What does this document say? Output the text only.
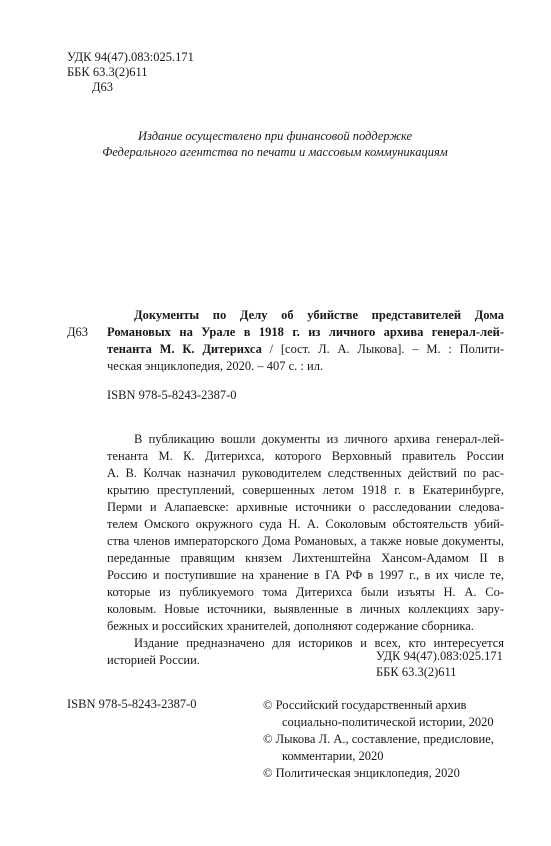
УДК 94(47).083:025.171
ББК 63.3(2)611
Д63
Издание осуществлено при финансовой поддержке
Федерального агентства по печати и массовым коммуникациям
Д63
Документы по Делу об убийстве представителей Дома
Романовых на Урале в 1918 г. из личного архива генерал-лей-
тенанта М. К. Дитерихса / [сост. Л. А. Лыкова]. – М. : Полити-
ческая энциклопедия, 2020. – 407 с. : ил.
ISBN 978-5-8243-2387-0
В публикацию вошли документы из личного архива генерал-лей-
тенанта М. К. Дитерихса, которого Верховный правитель России
А. В. Колчак назначил руководителем следственных действий по рас-
крытию преступлений, совершенных летом 1918 г. в Екатеринбурге,
Перми и Алапаевске: архивные источники о расследовании следова-
телем Омского окружного суда Н. А. Соколовым обстоятельств убий-
ства членов императорского Дома Романовых, а также новые документы,
переданные правящим князем Лихтенштейна Хансом-Адамом II в
Россию и поступившие на хранение в ГА РФ в 1997 г., в их числе те,
которые из публикуемого тома Дитерихса были изъяты Н. А. Со-
коловым. Новые источники, выявленные в личных коллекциях зару-
бежных и российских хранителей, дополняют содержание сборника.
Издание предназначено для историков и всех, кто интересуется
историей России.	УДК 94(47).083:025.171
ББК 63.3(2)611
ISBN 978-5-8243-2387-0	© Российский государственный архив
социально-политической истории, 2020
© Лыкова Л. А., составление, предисловие,
комментарии, 2020
© Политическая энциклопедия, 2020
